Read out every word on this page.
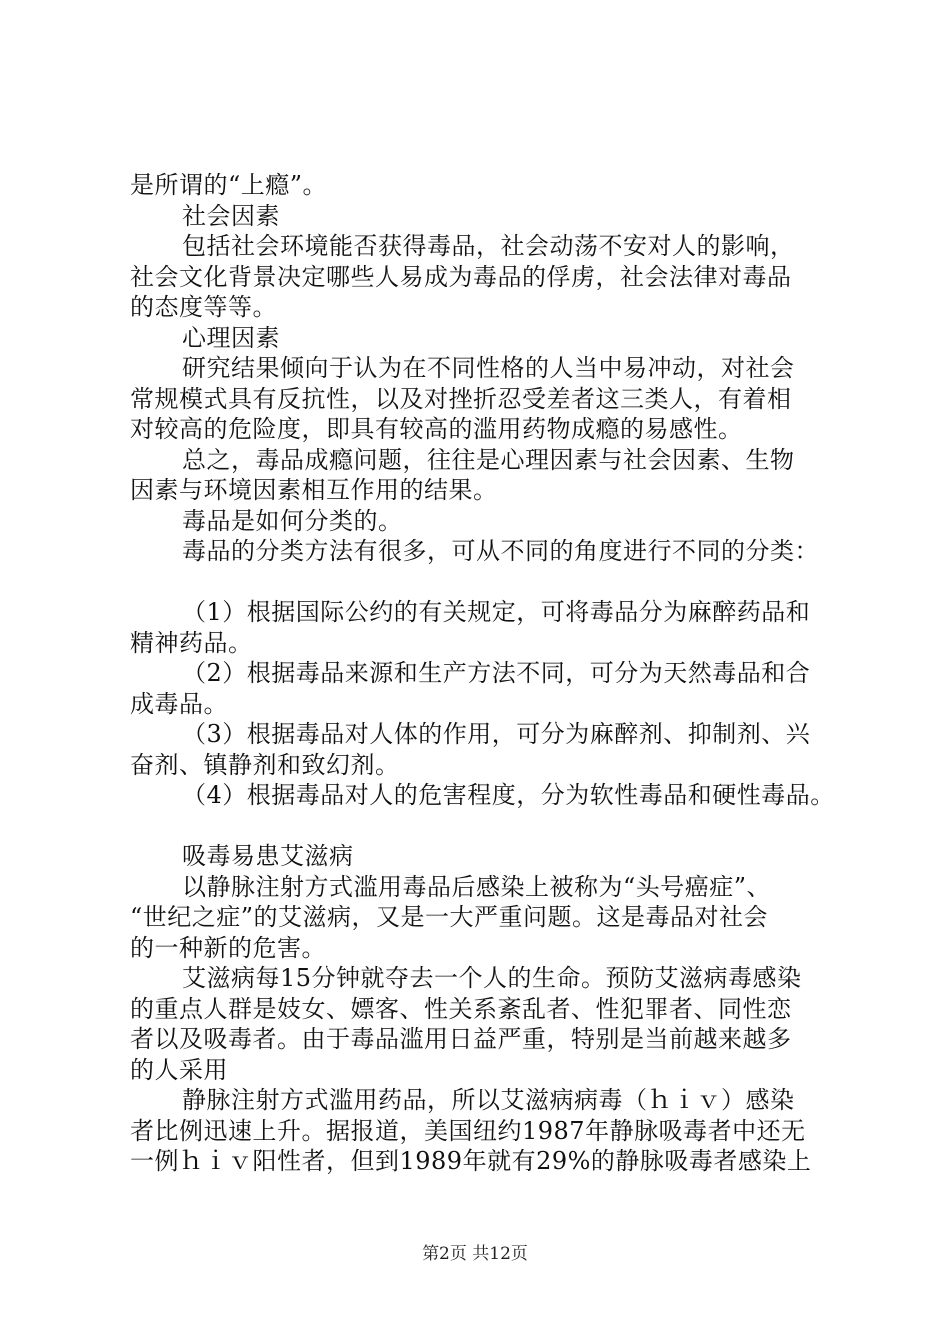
是所谓的“上瘾”。
社会因素
包括社会环境能否获得毒品，社会动荡不安对人的影响，
社会文化背景决定哪些人易成为毒品的俘虏，社会法律对毒品
的态度等等。
心理因素
研究结果倾向于认为在不同性格的人当中易冲动，对社会
常规模式具有反抗性，以及对挫折忍受差者这三类人，有着相
对较高的危险度，即具有较高的滥用药物成瘾的易感性。
总之，毒品成瘾问题，往往是心理因素与社会因素、生物
因素与环境因素相互作用的结果。
毒品是如何分类的。
毒品的分类方法有很多，可从不同的角度进行不同的分类：
（1）根据国际公约的有关规定，可将毒品分为麻醉药品和
精神药品。
（2）根据毒品来源和生产方法不同，可分为天然毒品和合
成毒品。
（3）根据毒品对人体的作用，可分为麻醉剂、抑制剂、兴
奋剂、镇静剂和致幻剂。
（4）根据毒品对人的危害程度，分为软性毒品和硬性毒品。
吸毒易患艾滋病
以静脉注射方式滥用毒品后感染上被称为“头号癌症”、
“世纪之症”的艾滋病，又是一大严重问题。这是毒品对社会
的一种新的危害。
艾滋病每15分钟就夺去一个人的生命。预防艾滋病毒感染
的重点人群是妓女、嫖客、性关系紊乱者、性犯罪者、同性恋
者以及吸毒者。由于毒品滥用日益严重，特别是当前越来越多
的人采用
静脉注射方式滥用药品，所以艾滋病病毒（ｈｉｖ）感染
者比例迅速上升。据报道，美国纽约1987年静脉吸毒者中还无
一例ｈｉｖ阳性者，但到1989年就有29%的静脉吸毒者感染上
第2页 共12页
